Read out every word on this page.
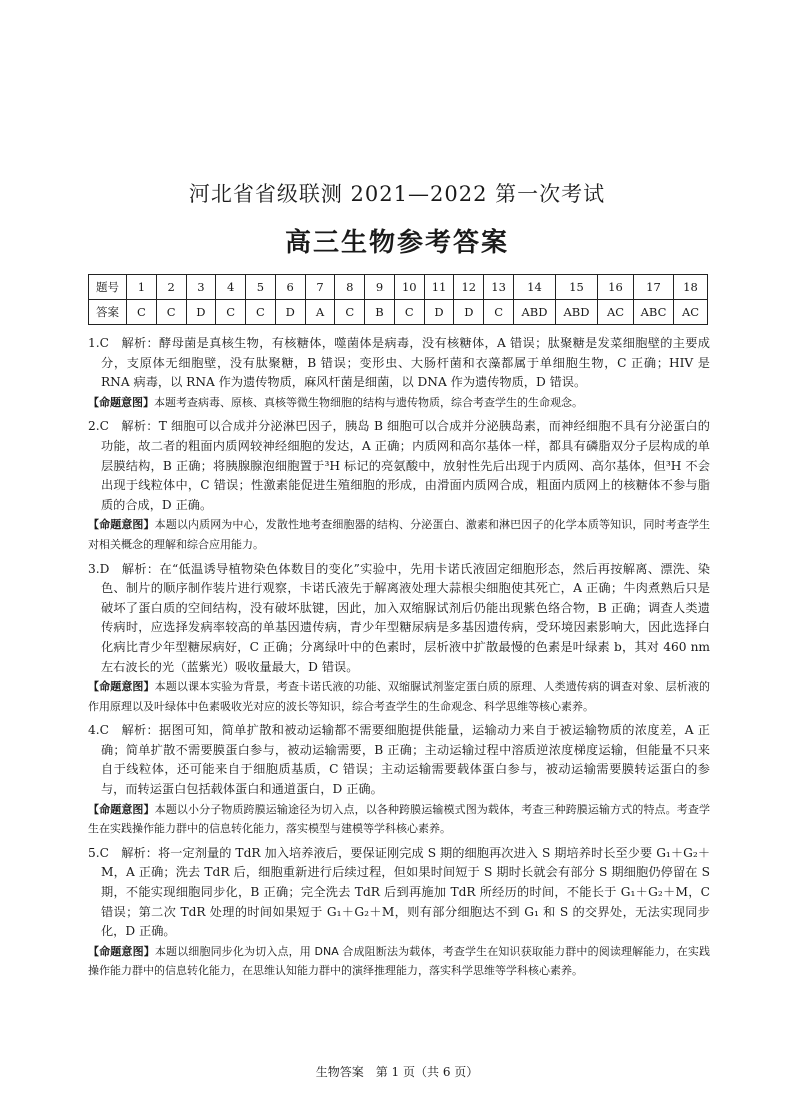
河北省省级联测 2021—2022 第一次考试
高三生物参考答案
题号	1	2	3	4	5	6	7	8	9	10	11	12	13	14	15	16	17	18
答案	C	C	D	C	C	D	A	C	B	C	D	D	C	ABD	ABD	AC	ABC	AC

1.C  解析：酵母菌是真核生物，有核糖体，噬菌体是病毒，没有核糖体，A 错误；肽聚糖是发菜细胞壁的主要成分，支原体无细胞壁，没有肽聚糖，B 错误；变形虫、大肠杆菌和衣藻都属于单细胞生物，C 正确；HIV 是 RNA 病毒，以 RNA 作为遗传物质，麻风杆菌是细菌，以 DNA 作为遗传物质，D 错误。

【命题意图】本题考查病毒、原核、真核等微生物细胞的结构与遗传物质，综合考查学生的生命观念。

2.C  解析：T 细胞可以合成并分泌淋巴因子，胰岛 B 细胞可以合成并分泌胰岛素，而神经细胞不具有分泌蛋白的功能，故二者的粗面内质网较神经细胞的发达，A 正确；内质网和高尔基体一样，都具有磷脂双分子层构成的单层膜结构，B 正确；将胰腺腺泡细胞置于³H 标记的亮氨酸中，放射性先后出现于内质网、高尔基体，但³H 不会出现于线粒体中，C 错误；性激素能促进生殖细胞的形成，由滑面内质网合成，粗面内质网上的核糖体不参与脂质的合成，D 正确。

【命题意图】本题以内质网为中心，发散性地考查细胞器的结构、分泌蛋白、激素和淋巴因子的化学本质等知识，同时考查学生对相关概念的理解和综合应用能力。

3.D  解析：在“低温诱导植物染色体数目的变化”实验中，先用卡诺氏液固定细胞形态，然后再按解离、漂洗、染色、制片的顺序制作装片进行观察，卡诺氏液先于解离液处理大蒜根尖细胞使其死亡，A 正确；牛肉煮熟后只是破坏了蛋白质的空间结构，没有破坏肽键，因此，加入双缩脲试剂后仍能出现紫色络合物，B 正确；调查人类遗传病时，应选择发病率较高的单基因遗传病，青少年型糖尿病是多基因遗传病，受环境因素影响大，因此选择白化病比青少年型糖尿病好，C 正确；分离绿叶中的色素时，层析液中扩散最慢的色素是叶绿素 b，其对 460 nm 左右波长的光（蓝紫光）吸收量最大，D 错误。

【命题意图】本题以课本实验为背景，考查卡诺氏液的功能、双缩脲试剂鉴定蛋白质的原理、人类遗传病的调查对象、层析液的作用原理以及叶绿体中色素吸收光对应的波长等知识，综合考查学生的生命观念、科学思维等核心素养。

4.C  解析：据图可知，简单扩散和被动运输都不需要细胞提供能量，运输动力来自于被运输物质的浓度差，A 正确；简单扩散不需要膜蛋白参与，被动运输需要，B 正确；主动运输过程中溶质逆浓度梯度运输，但能量不只来自于线粒体，还可能来自于细胞质基质，C 错误；主动运输需要载体蛋白参与，被动运输需要膜转运蛋白的参与，而转运蛋白包括载体蛋白和通道蛋白，D 正确。

【命题意图】本题以小分子物质跨膜运输途径为切入点，以各种跨膜运输模式图为载体，考查三种跨膜运输方式的特点。考查学生在实践操作能力群中的信息转化能力，落实模型与建模等学科核心素养。

5.C  解析：将一定剂量的 TdR 加入培养液后，要保证刚完成 S 期的细胞再次进入 S 期培养时长至少要 G₁＋G₂＋M，A 正确；洗去 TdR 后，细胞重新进行后续过程，但如果时间短于 S 期时长就会有部分 S 期细胞仍停留在 S 期，不能实现细胞同步化，B 正确；完全洗去 TdR 后到再施加 TdR 所经历的时间，不能长于 G₁＋G₂＋M，C 错误；第二次 TdR 处理的时间如果短于 G₁＋G₂＋M，则有部分细胞达不到 G₁ 和 S 的交界处，无法实现同步化，D 正确。

【命题意图】本题以细胞同步化为切入点，用 DNA 合成阻断法为载体，考查学生在知识获取能力群中的阅读理解能力，在实践操作能力群中的信息转化能力，在思维认知能力群中的演绎推理能力，落实科学思维等学科核心素养。

生物答案　第 1 页（共 6 页）
